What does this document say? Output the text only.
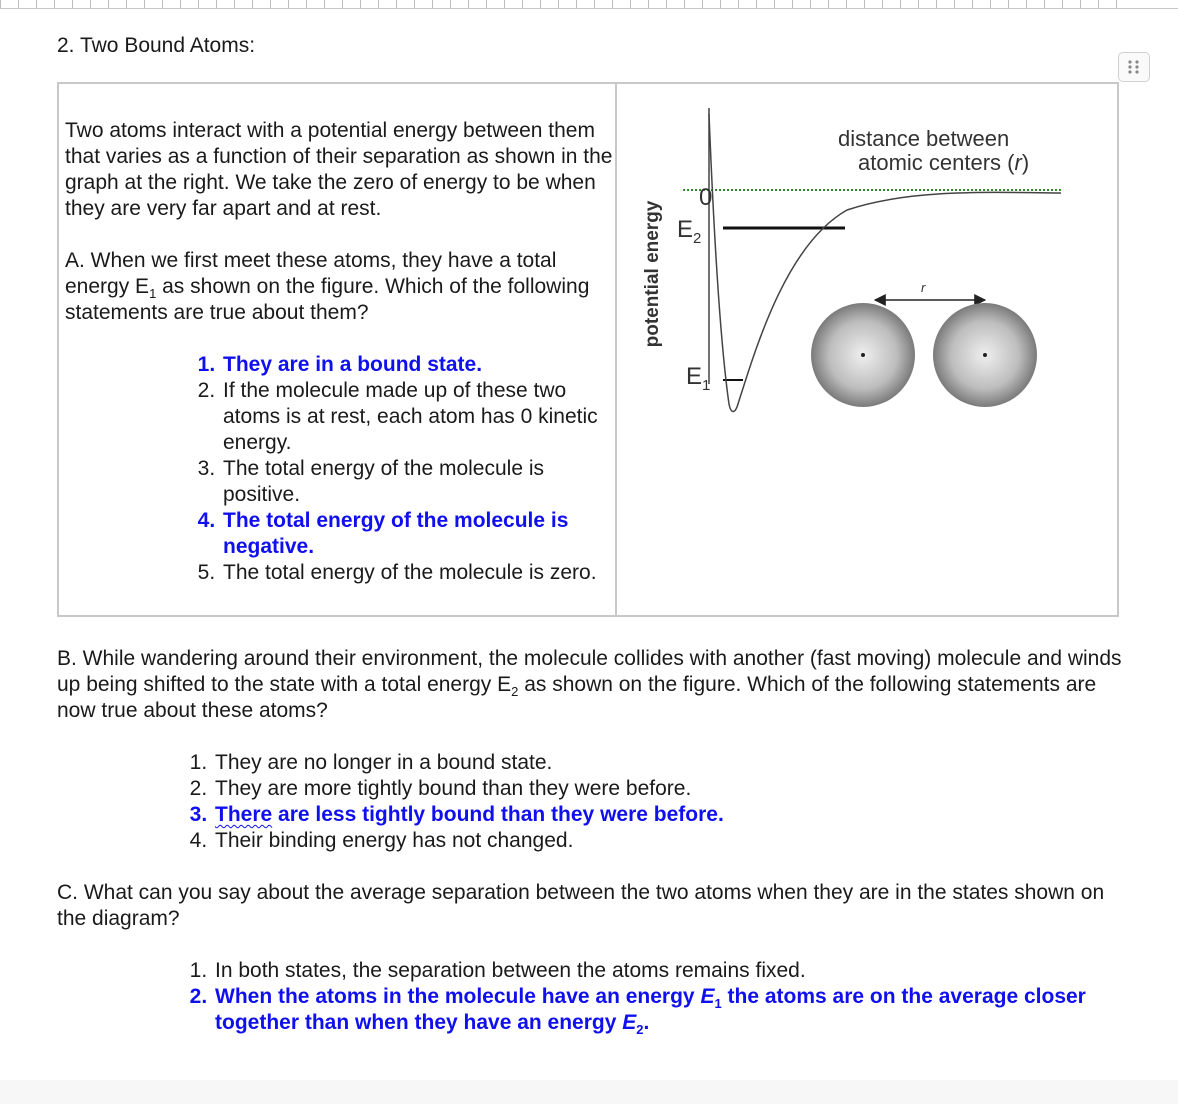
2. Two Bound Atoms:

Two atoms interact with a potential energy between them that varies as a function of their separation as shown in the graph at the right. We take the zero of energy to be when they are very far apart and at rest.

A. When we first meet these atoms, they have a total energy $E_1$ as shown on the figure. Which of the following statements are true about them?

1. They are in a bound state.
2. If the molecule made up of these two atoms is at rest, each atom has 0 kinetic energy.
3. The total energy of the molecule is positive.
4. The total energy of the molecule is negative.
5. The total energy of the molecule is zero.
potential energy
0
$E_2$
$E_1$
distance between
atomic centers (r)
r

B. While wandering around their environment, the molecule collides with another (fast moving) molecule and winds up being shifted to the state with a total energy $E_2$ as shown on the figure. Which of the following statements are now true about these atoms?

1. They are no longer in a bound state.
2. They are more tightly bound than they were before.
3. There are less tightly bound than they were before.
4. Their binding energy has not changed.

C. What can you say about the average separation between the two atoms when they are in the states shown on the diagram?

1. In both states, the separation between the atoms remains fixed.
2. When the atoms in the molecule have an energy $E_1$ the atoms are on the average closer together than when they have an energy $E_2$.
